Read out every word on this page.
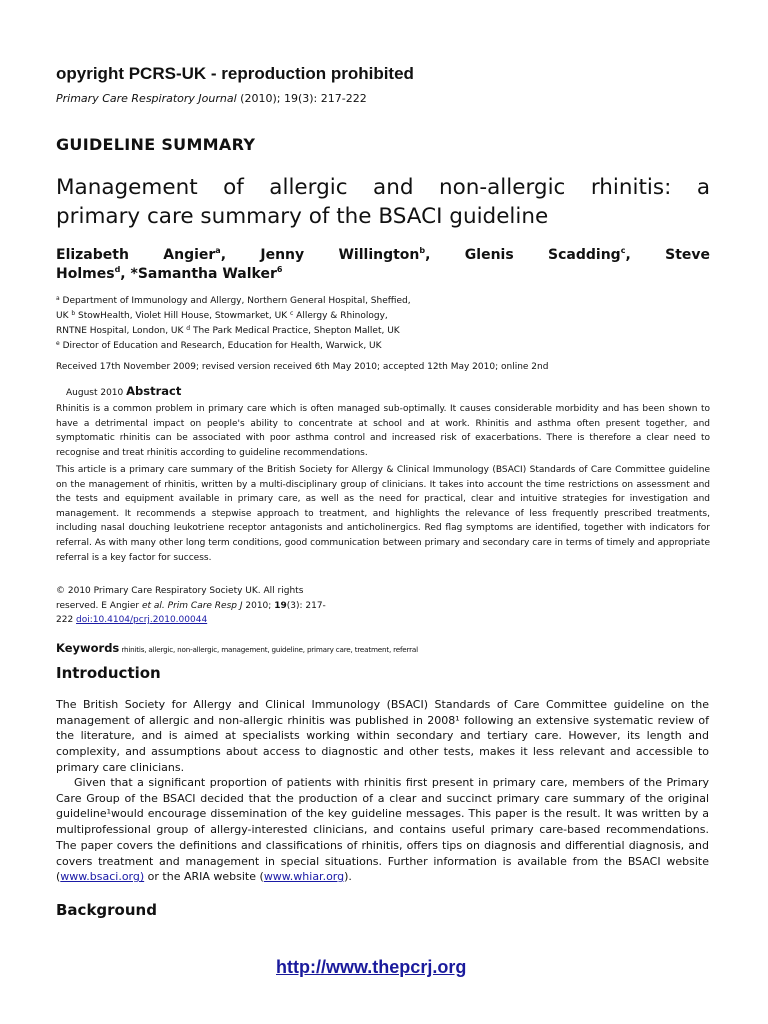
opyright PCRS-UK - reproduction prohibited
Primary Care Respiratory Journal (2010); 19(3): 217-222
GUIDELINE SUMMARY
Management of allergic and non-allergic rhinitis: a
primary care summary of the BSACI guideline
Elizabeth Angier$^a$, Jenny Willington$^b$, Glenis Scadding$^c$, Steve
Holmes$^d$, *Samantha Walker$^6$
$^a$ Department of Immunology and Allergy, Northern General Hospital, Sheffied,
UK $^b$ StowHealth, Violet Hill House, Stowmarket, UK $^c$ Allergy & Rhinology,
RNTNE Hospital, London, UK $^d$ The Park Medical Practice, Shepton Mallet, UK
$^e$ Director of Education and Research, Education for Health, Warwick, UK
Received 17th November 2009; revised version received 6th May 2010; accepted 12th May 2010; online 2nd
August 2010 Abstract
Rhinitis is a common problem in primary care which is often managed sub-optimally. It causes considerable morbidity and has been shown to have a detrimental impact on people's ability to concentrate at school and at work. Rhinitis and asthma often present together, and symptomatic rhinitis can be associated with poor asthma control and increased risk of exacerbations. There is therefore a clear need to recognise and treat rhinitis according to guideline recommendations.
This article is a primary care summary of the British Society for Allergy & Clinical Immunology (BSACI) Standards of Care Committee guideline on the management of rhinitis, written by a multi-disciplinary group of clinicians. It takes into account the time restrictions on assessment and the tests and equipment available in primary care, as well as the need for practical, clear and intuitive strategies for investigation and management. It recommends a stepwise approach to treatment, and highlights the relevance of less frequently prescribed treatments, including nasal douching leukotriene receptor antagonists and anticholinergics. Red flag symptoms are identified, together with indicators for referral. As with many other long term conditions, good communication between primary and secondary care in terms of timely and appropriate referral is a key factor for success.
© 2010 Primary Care Respiratory Society UK. All rights
reserved. E Angier et al. Prim Care Resp J 2010; 19(3): 217-
222 doi:10.4104/pcrj.2010.00044
Keywords rhinitis, allergic, non-allergic, management, guideline, primary care, treatment, referral
Introduction
The British Society for Allergy and Clinical Immunology (BSACI) Standards of Care Committee guideline on the management of allergic and non-allergic rhinitis was published in 2008¹ following an extensive systematic review of the literature, and is aimed at specialists working within secondary and tertiary care. However, its length and complexity, and assumptions about access to diagnostic and other tests, makes it less relevant and accessible to primary care clinicians.
Given that a significant proportion of patients with rhinitis first present in primary care, members of the Primary Care Group of the BSACI decided that the production of a clear and succinct primary care summary of the original guideline¹would encourage dissemination of the key guideline messages. This paper is the result. It was written by a multiprofessional group of allergy-interested clinicians, and contains useful primary care-based recommendations. The paper covers the definitions and classifications of rhinitis, offers tips on diagnosis and differential diagnosis, and covers treatment and management in special situations. Further information is available from the BSACI website (www.bsaci.org) or the ARIA website (www.whiar.org).
Background
http://www.thepcrj.org
